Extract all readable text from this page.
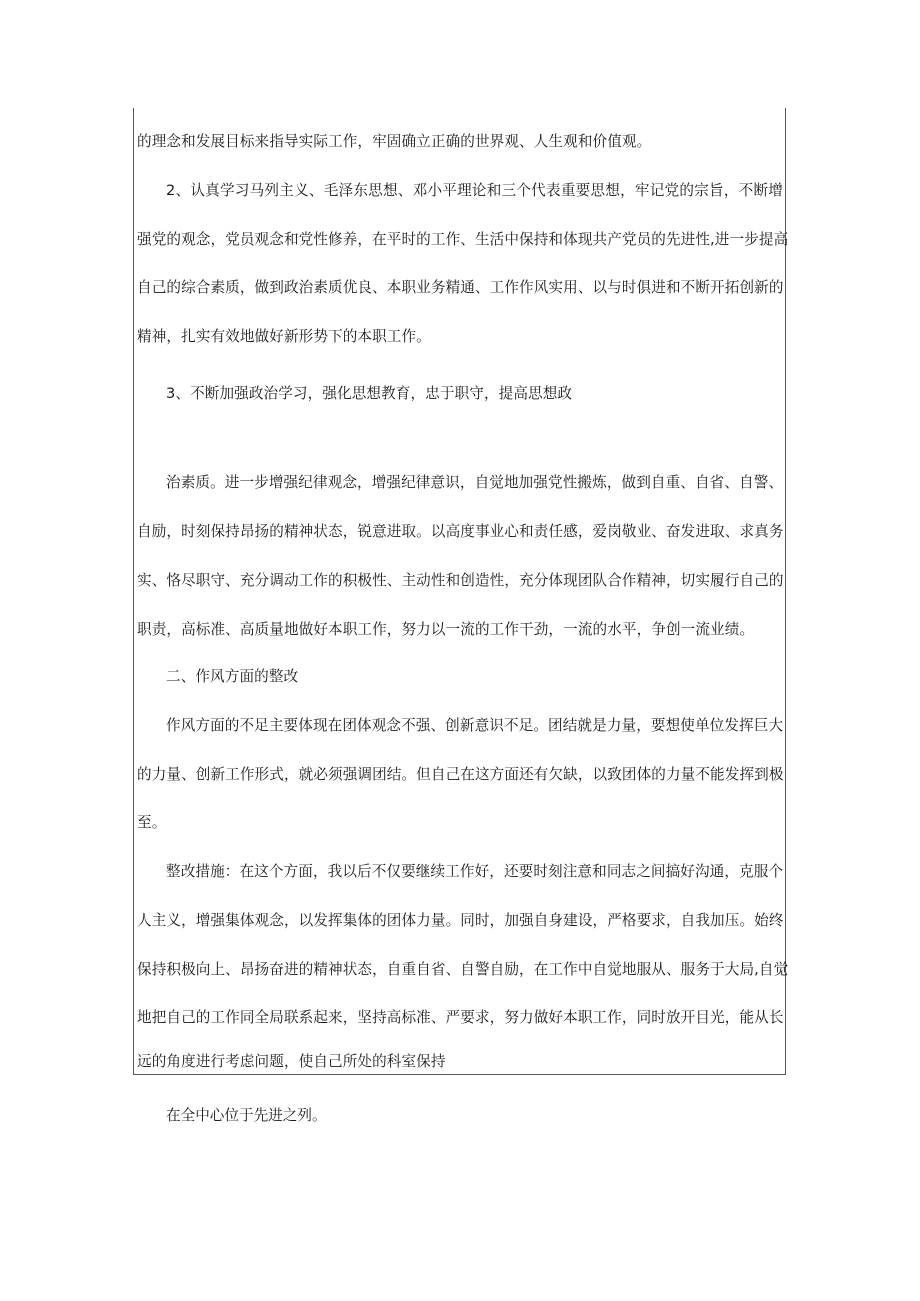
的理念和发展目标来指导实际工作，牢固确立正确的世界观、人生观和价值观。
2、认真学习马列主义、毛泽东思想、邓小平理论和三个代表重要思想，牢记党的宗旨，不断增
强党的观念，党员观念和党性修养，在平时的工作、生活中保持和体现共产党员的先进性,进一步提高
自己的综合素质，做到政治素质优良、本职业务精通、工作作风实用、以与时俱进和不断开拓创新的
精神，扎实有效地做好新形势下的本职工作。
3、不断加强政治学习，强化思想教育，忠于职守，提高思想政
治素质。进一步增强纪律观念，增强纪律意识，自觉地加强党性搬炼，做到自重、自省、自警、
自励，时刻保持昂扬的精神状态，锐意进取。以高度事业心和责任感，爱岗敬业、奋发进取、求真务
实、恪尽职守、充分调动工作的积极性、主动性和创造性，充分体现团队合作精神，切实履行自己的
职责，高标准、高质量地做好本职工作，努力以一流的工作干劲，一流的水平，争创一流业绩。
二、作风方面的整改
作风方面的不足主要体现在团体观念不强、创新意识不足。团结就是力量，要想使单位发挥巨大
的力量、创新工作形式，就必须强调团结。但自己在这方面还有欠缺，以致团体的力量不能发挥到极
至。
整改措施：在这个方面，我以后不仅要继续工作好，还要时刻注意和同志之间搞好沟通，克服个
人主义，增强集体观念，以发挥集体的团体力量。同时，加强自身建设，严格要求，自我加压。始终
保持积极向上、昂扬奋进的精神状态，自重自省、自警自励，在工作中自觉地服从、服务于大局,自觉
地把自己的工作同全局联系起来，坚持高标准、严要求，努力做好本职工作，同时放开目光，能从长
远的角度进行考虑问题，使自己所处的科室保持
在全中心位于先进之列。
